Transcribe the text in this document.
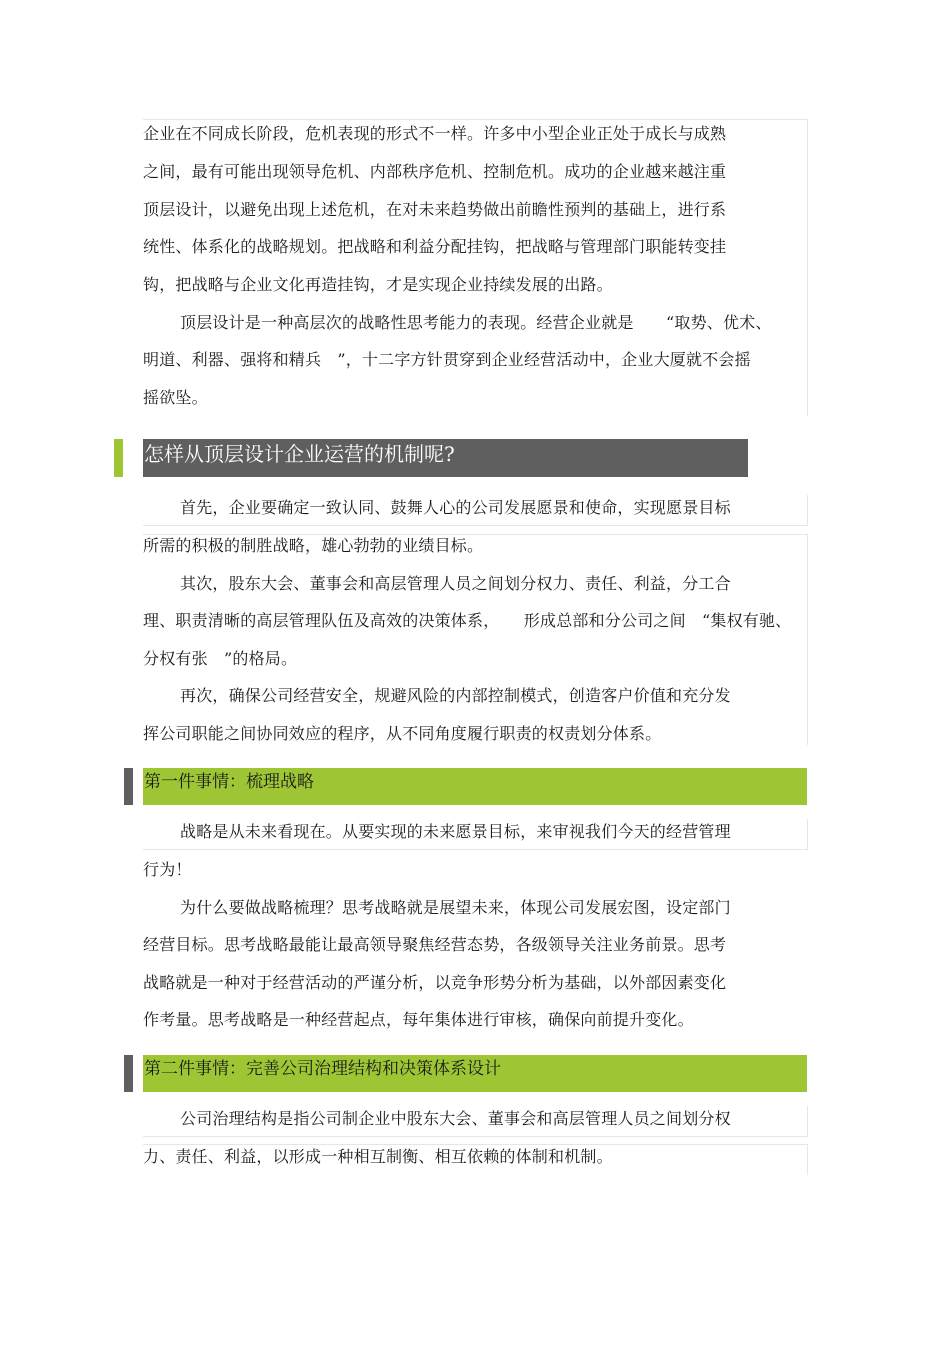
企业在不同成长阶段，危机表现的形式不一样。许多中小型企业正处于成长与成熟
之间，最有可能出现领导危机、内部秩序危机、控制危机。成功的企业越来越注重
顶层设计，以避免出现上述危机，在对未来趋势做出前瞻性预判的基础上，进行系
统性、体系化的战略规划。把战略和利益分配挂钩，把战略与管理部门职能转变挂
钩，把战略与企业文化再造挂钩，才是实现企业持续发展的出路。
顶层设计是一种高层次的战略性思考能力的表现。经营企业就是　　“取势、优术、
明道、利器、强将和精兵　”，十二字方针贯穿到企业经营活动中，企业大厦就不会摇
摇欲坠。
怎样从顶层设计企业运营的机制呢?
首先，企业要确定一致认同、鼓舞人心的公司发展愿景和使命，实现愿景目标
所需的积极的制胜战略，雄心勃勃的业绩目标。
其次，股东大会、董事会和高层管理人员之间划分权力、责任、利益，分工合
理、职责清晰的高层管理队伍及高效的决策体系，　　形成总部和分公司之间　“集权有驰、
分权有张　”的格局。
再次，确保公司经营安全，规避风险的内部控制模式，创造客户价值和充分发
挥公司职能之间协同效应的程序，从不同角度履行职责的权责划分体系。
第一件事情：梳理战略
战略是从未来看现在。从要实现的未来愿景目标，来审视我们今天的经营管理
行为！
为什么要做战略梳理？思考战略就是展望未来，体现公司发展宏图，设定部门
经营目标。思考战略最能让最高领导聚焦经营态势，各级领导关注业务前景。思考
战略就是一种对于经营活动的严谨分析，以竞争形势分析为基础，以外部因素变化
作考量。思考战略是一种经营起点，每年集体进行审核，确保向前提升变化。
第二件事情：完善公司治理结构和决策体系设计
公司治理结构是指公司制企业中股东大会、董事会和高层管理人员之间划分权
力、责任、利益，以形成一种相互制衡、相互依赖的体制和机制。
